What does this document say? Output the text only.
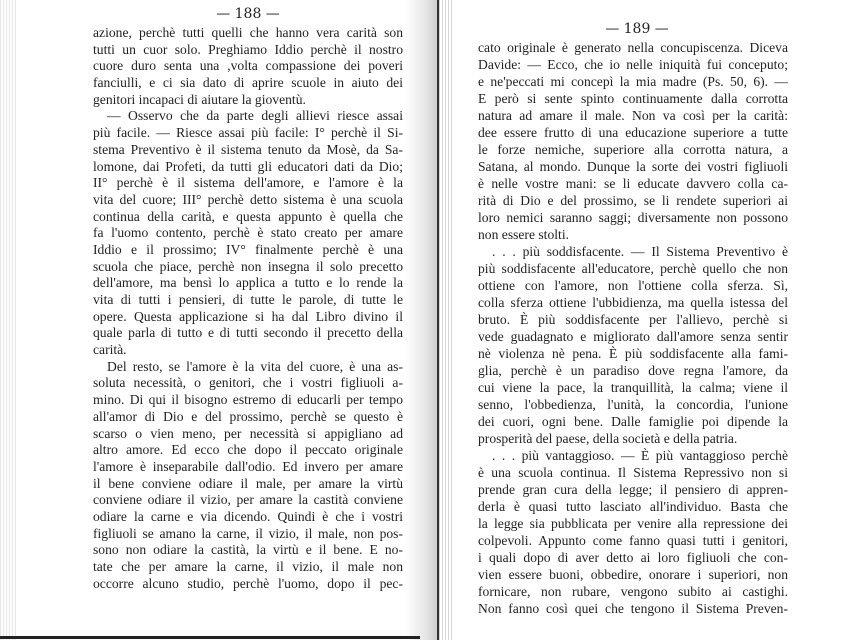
— 188 —
azione, perchè tutti quelli che hanno vera carità son
tutti un cuor solo. Preghiamo Iddio perchè il nostro
cuore duro senta una ,volta compassione dei poveri
fanciulli, e ci sia dato di aprire scuole in aiuto dei
genitori incapaci di aiutare la gioventù.
— Osservo che da parte degli allievi riesce assai
più facile. — Riesce assai più facile: I° perchè il Si-
stema Preventivo è il sistema tenuto da Mosè, da Sa-
lomone, dai Profeti, da tutti gli educatori dati da Dio;
II° perchè è il sistema dell'amore, e l'amore è la
vita del cuore; III° perchè detto sistema è una scuola
continua della carità, e questa appunto è quella che
fa l'uomo contento, perchè è stato creato per amare
Iddio e il prossimo; IV° finalmente perchè è una
scuola che piace, perchè non insegna il solo precetto
dell'amore, ma bensì lo applica a tutto e lo rende la
vita di tutti i pensieri, di tutte le parole, di tutte le
opere. Questa applicazione si ha dal Libro divino il
quale parla di tutto e di tutti secondo il precetto della
carità.
Del resto, se l'amore è la vita del cuore, è una as-
soluta necessità, o genitori, che i vostri figliuoli a-
mino. Di qui il bisogno estremo di educarli per tempo
all'amor di Dio e del prossimo, perchè se questo è
scarso o vien meno, per necessità si appigliano ad
altro amore. Ed ecco che dopo il peccato originale
l'amore è inseparabile dall'odio. Ed invero per amare
il bene conviene odiare il male, per amare la virtù
conviene odiare il vizio, per amare la castità conviene
odiare la carne e via dicendo. Quindi è che i vostri
figliuoli se amano la carne, il vizio, il male, non pos-
sono non odiare la castità, la virtù e il bene. E no-
tate che per amare la carne, il vizio, il male non
occorre alcuno studio, perchè l'uomo, dopo il pec-
— 189 —
cato originale è generato nella concupiscenza. Diceva
Davide: — Ecco, che io nelle iniquità fui conceputo;
e ne'peccati mi concepì la mia madre (Ps. 50, 6). —
E però si sente spinto continuamente dalla corrotta
natura ad amare il male. Non va così per la carità:
dee essere frutto di una educazione superiore a tutte
le forze nemiche, superiore alla corrotta natura, a
Satana, al mondo. Dunque la sorte dei vostri figliuoli
è nelle vostre mani: se li educate davvero colla ca-
rità di Dio e del prossimo, se li rendete superiori ai
loro nemici saranno saggi; diversamente non possono
non essere stolti.
. . . più soddisfacente. — Il Sistema Preventivo è
più soddisfacente all'educatore, perchè quello che non
ottiene con l'amore, non l'ottiene colla sferza. Sì,
colla sferza ottiene l'ubbidienza, ma quella istessa del
bruto. È più soddisfacente per l'allievo, perchè si
vede guadagnato e migliorato dall'amore senza sentir
nè violenza nè pena. È più soddisfacente alla fami-
glia, perchè è un paradiso dove regna l'amore, da
cui viene la pace, la tranquillità, la calma; viene il
senno, l'obbedienza, l'unità, la concordia, l'unione
dei cuori, ogni bene. Dalle famiglie poi dipende la
prosperità del paese, della società e della patria.
. . . più vantaggioso. — È più vantaggioso perchè
è una scuola continua. Il Sistema Repressivo non si
prende gran cura della legge; il pensiero di appren-
derla è quasi tutto lasciato all'individuo. Basta che
la legge sia pubblicata per venire alla repressione dei
colpevoli. Appunto come fanno quasi tutti i genitori,
i quali dopo di aver detto ai loro figliuoli che con-
vien essere buoni, obbedire, onorare i superiori, non
fornicare, non rubare, vengono subito ai castighi.
Non fanno così quei che tengono il Sistema Preven-
